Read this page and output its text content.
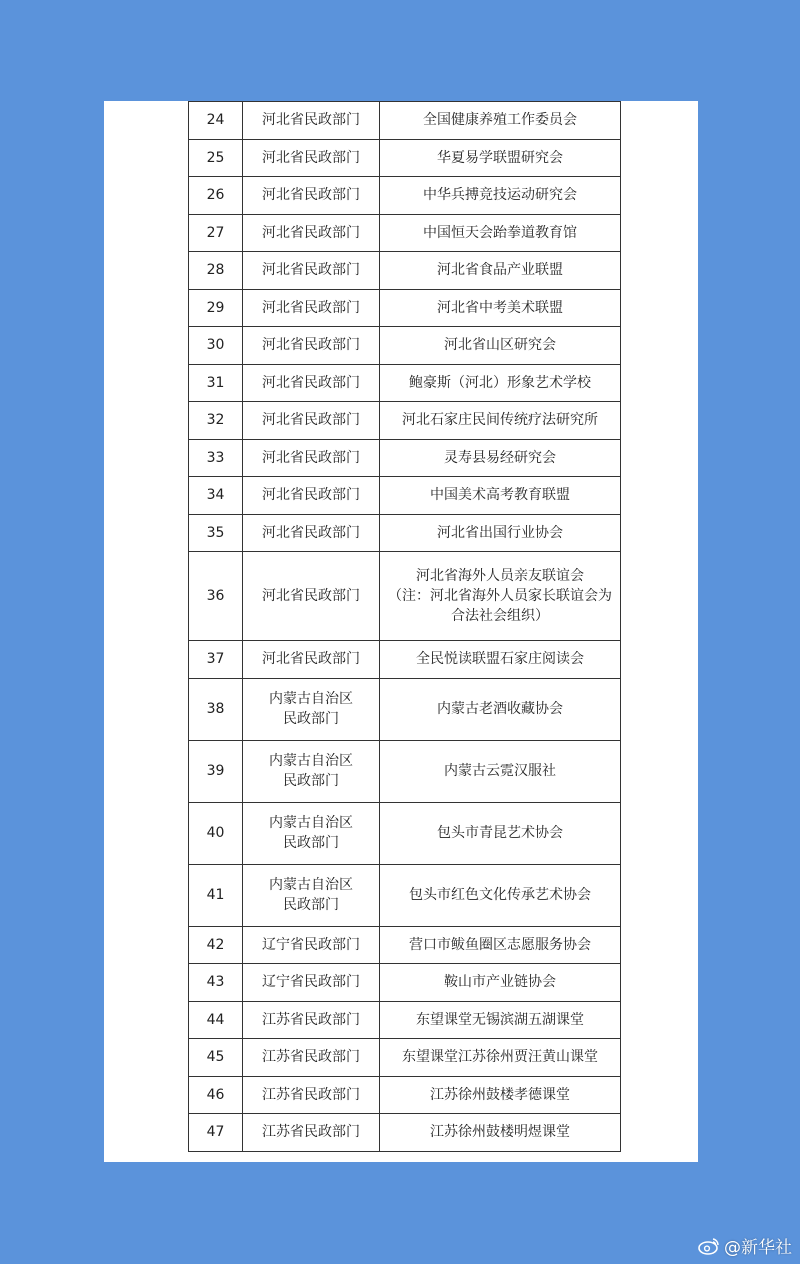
24	河北省民政部门	全国健康养殖工作委员会

25	河北省民政部门	华夏易学联盟研究会

26	河北省民政部门	中华兵搏竞技运动研究会

27	河北省民政部门	中国恒天会跆拳道教育馆

28	河北省民政部门	河北省食品产业联盟

29	河北省民政部门	河北省中考美术联盟

30	河北省民政部门	河北省山区研究会

31	河北省民政部门	鲍豪斯（河北）形象艺术学校

32	河北省民政部门	河北石家庄民间传统疗法研究所

33	河北省民政部门	灵寿县易经研究会

34	河北省民政部门	中国美术高考教育联盟

35	河北省民政部门	河北省出国行业协会

36	河北省民政部门	河北省海外人员亲友联谊会
（注：河北省海外人员家长联谊会为
合法社会组织）

37	河北省民政部门	全民悦读联盟石家庄阅读会

38	内蒙古自治区
民政部门	内蒙古老酒收藏协会

39	内蒙古自治区
民政部门	内蒙古云霓汉服社

40	内蒙古自治区
民政部门	包头市青昆艺术协会

41	内蒙古自治区
民政部门	包头市红色文化传承艺术协会

42	辽宁省民政部门	营口市鲅鱼圈区志愿服务协会

43	辽宁省民政部门	鞍山市产业链协会

44	江苏省民政部门	东望课堂无锡滨湖五湖课堂

45	江苏省民政部门	东望课堂江苏徐州贾汪黄山课堂

46	江苏省民政部门	江苏徐州鼓楼孝德课堂

47	江苏省民政部门	江苏徐州鼓楼明煜课堂
@新华社
